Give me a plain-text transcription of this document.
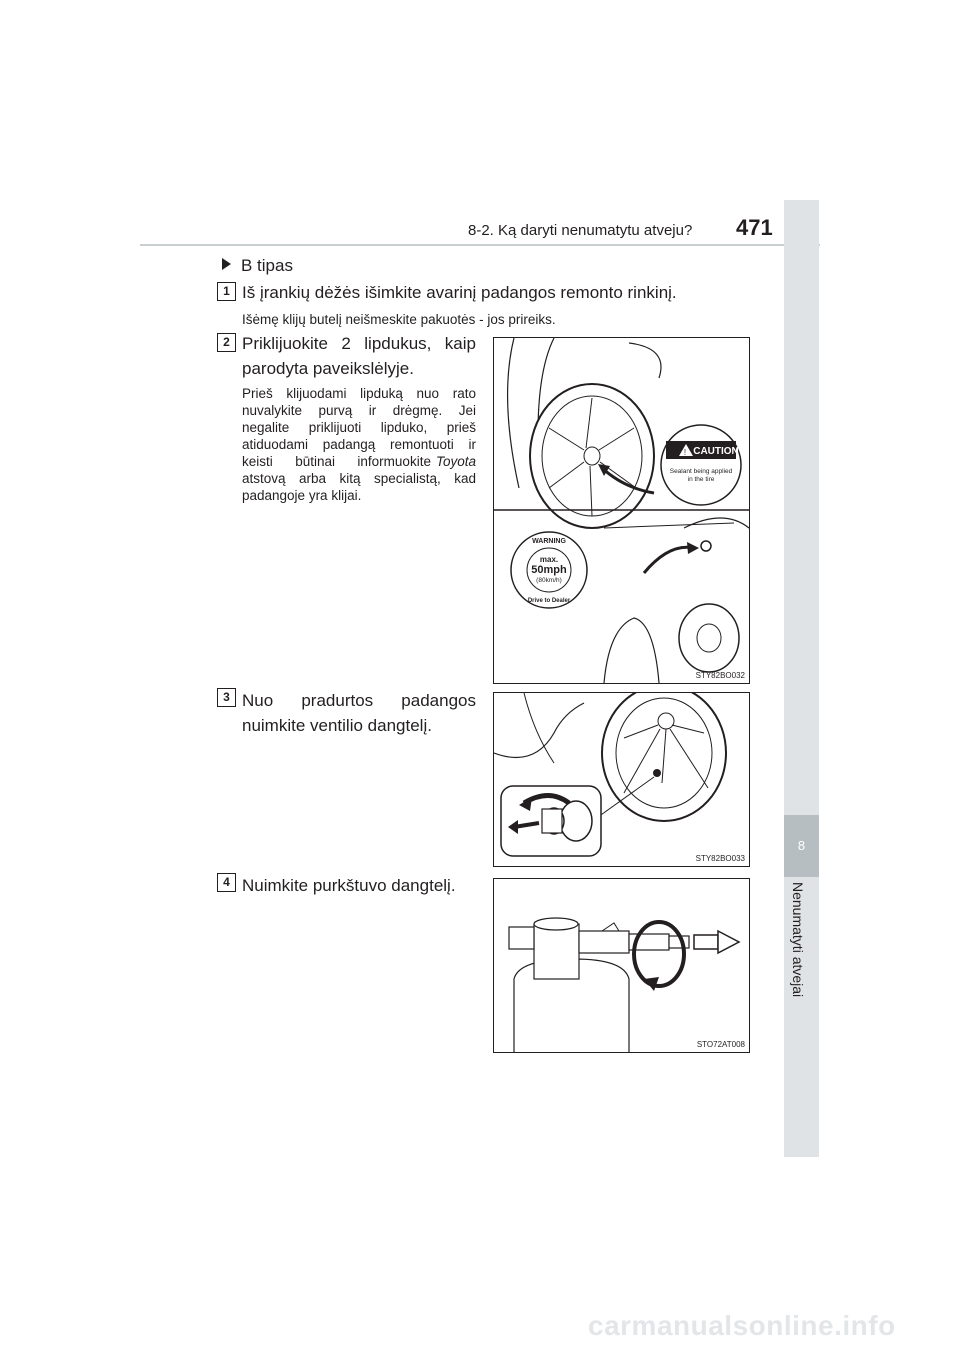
8-2. Ką daryti nenumatytu atveju? 471
8
Nenumatyti atvejai
B tipas
1 Iš įrankių dėžės išimkite avarinį padangos remonto rinkinį.
Išėmę klijų butelį neišmeskite pakuotės - jos prireiks.
2 Priklijuokite 2 lipdukus, kaip
parodyta paveikslėlyje.
Prieš klijuodami lipduką nuo rato
nuvalykite purvą ir drėgmę. Jei
negalite priklijuoti lipduko, prieš
atiduodami padangą remontuoti ir
keisti būtinai informuokite Toyota
atstovą arba kitą specialistą, kad
padangoje yra klijai.
! CAUTION
Sealant being applied
in the tire
WARNING
max.
50mph
(80km/h)
Drive to Dealer
STY82BO032
3 Nuo pradurtos padangos
nuimkite ventilio dangtelį.
STY82BO033
4 Nuimkite purkštuvo dangtelį.
STO72AT008
carmanualsonline.info
